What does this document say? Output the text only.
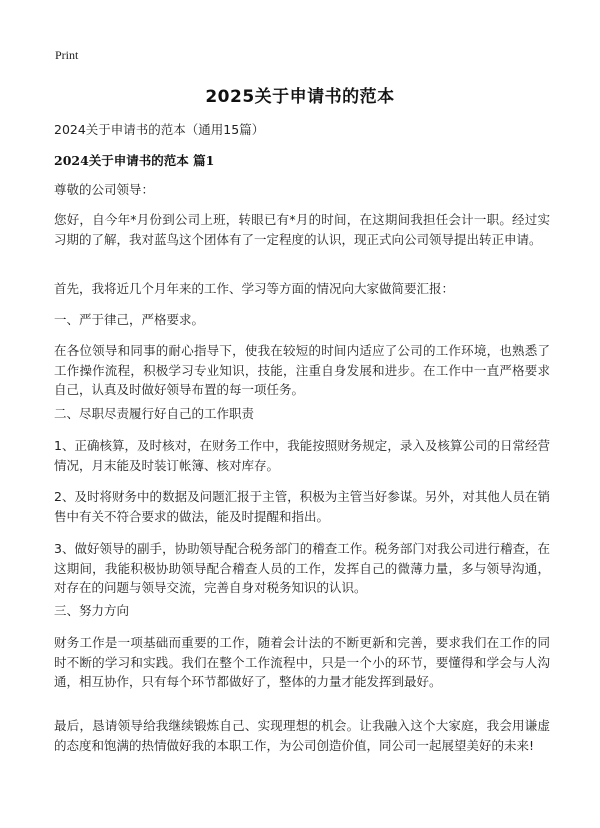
Print
2025关于申请书的范本
2024关于申请书的范本（通用15篇）
2024关于申请书的范本 篇1
尊敬的公司领导：
您好，自今年*月份到公司上班，转眼已有*月的时间，在这期间我担任会计一职。经过实习期的了解，我对蓝鸟这个团体有了一定程度的认识，现正式向公司领导提出转正申请。
首先，我将近几个月年来的工作、学习等方面的情况向大家做简要汇报：
一、严于律己，严格要求。
在各位领导和同事的耐心指导下，使我在较短的时间内适应了公司的工作环境，也熟悉了工作操作流程，积极学习专业知识，技能，注重自身发展和进步。在工作中一直严格要求自己，认真及时做好领导布置的每一项任务。
二、尽职尽责履行好自己的工作职责
1、正确核算，及时核对，在财务工作中，我能按照财务规定，录入及核算公司的日常经营情况，月末能及时装订帐簿、核对库存。
2、及时将财务中的数据及问题汇报于主管，积极为主管当好参谋。另外，对其他人员在销售中有关不符合要求的做法，能及时提醒和指出。
3、做好领导的副手，协助领导配合税务部门的稽查工作。税务部门对我公司进行稽查，在这期间，我能积极协助领导配合稽查人员的工作，发挥自己的微薄力量，多与领导沟通，对存在的问题与领导交流，完善自身对税务知识的认识。
三、努力方向
财务工作是一项基础而重要的工作，随着会计法的不断更新和完善，要求我们在工作的同时不断的学习和实践。我们在整个工作流程中，只是一个小的环节，要懂得和学会与人沟通，相互协作，只有每个环节都做好了，整体的力量才能发挥到最好。
最后，恳请领导给我继续锻炼自己、实现理想的机会。让我融入这个大家庭，我会用谦虚的态度和饱满的热情做好我的本职工作，为公司创造价值，同公司一起展望美好的未来!
